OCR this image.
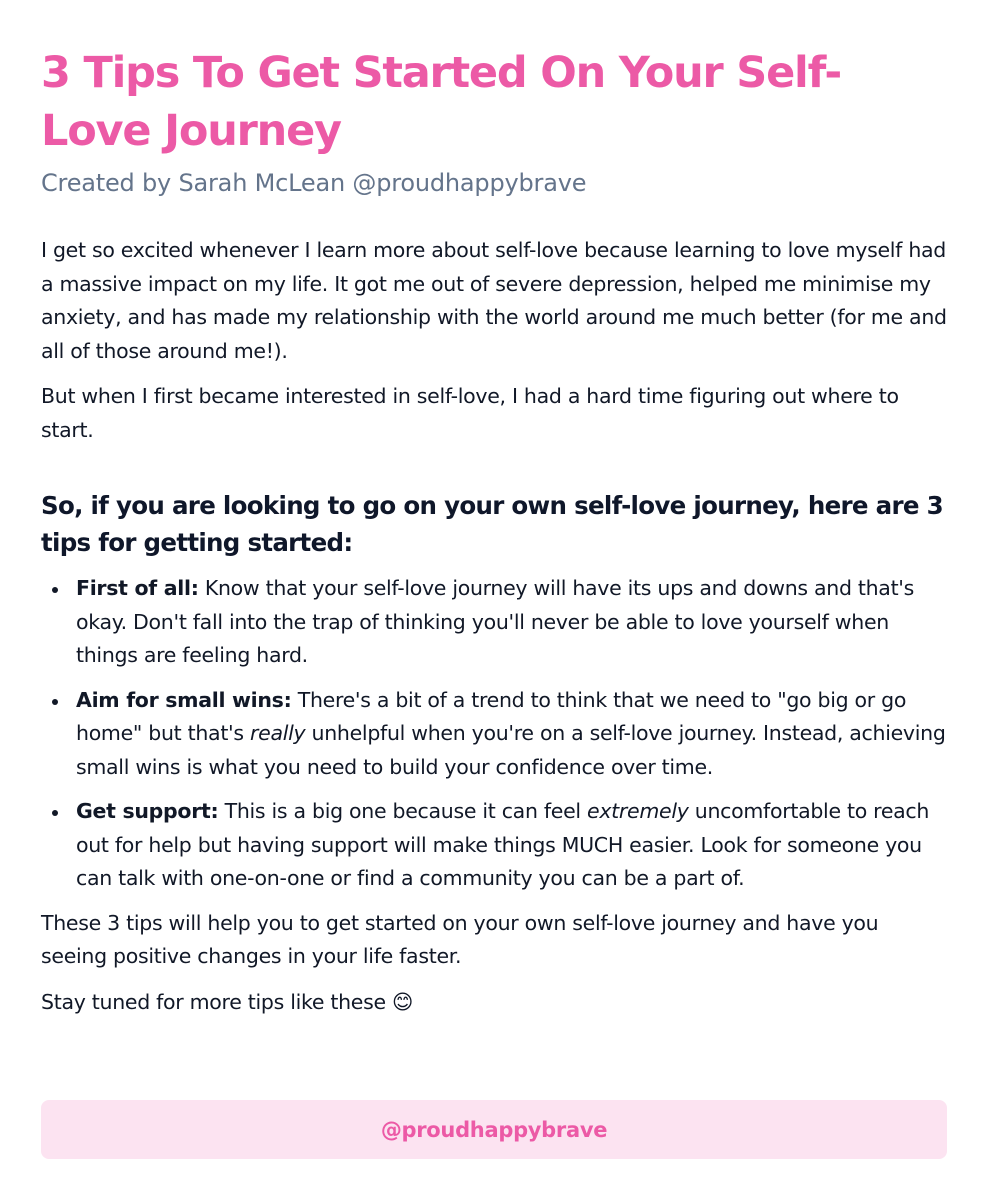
3 Tips To Get Started On Your Self-Love Journey
Created by Sarah McLean @proudhappybrave

I get so excited whenever I learn more about self-love because learning to love myself had a massive impact on my life. It got me out of severe depression, helped me minimise my anxiety, and has made my relationship with the world around me much better (for me and all of those around me!).

But when I first became interested in self-love, I had a hard time figuring out where to start.

So, if you are looking to go on your own self-love journey, here are 3 tips for getting started:
First of all: Know that your self-love journey will have its ups and downs and that's okay. Don't fall into the trap of thinking you'll never be able to love yourself when things are feeling hard.
Aim for small wins: There's a bit of a trend to think that we need to "go big or go home" but that's really unhelpful when you're on a self-love journey. Instead, achieving small wins is what you need to build your confidence over time.
Get support: This is a big one because it can feel extremely uncomfortable to reach out for help but having support will make things MUCH easier. Look for someone you can talk with one-on-one or find a community you can be a part of.

These 3 tips will help you to get started on your own self-love journey and have you seeing positive changes in your life faster.

Stay tuned for more tips like these 😊

@proudhappybrave
